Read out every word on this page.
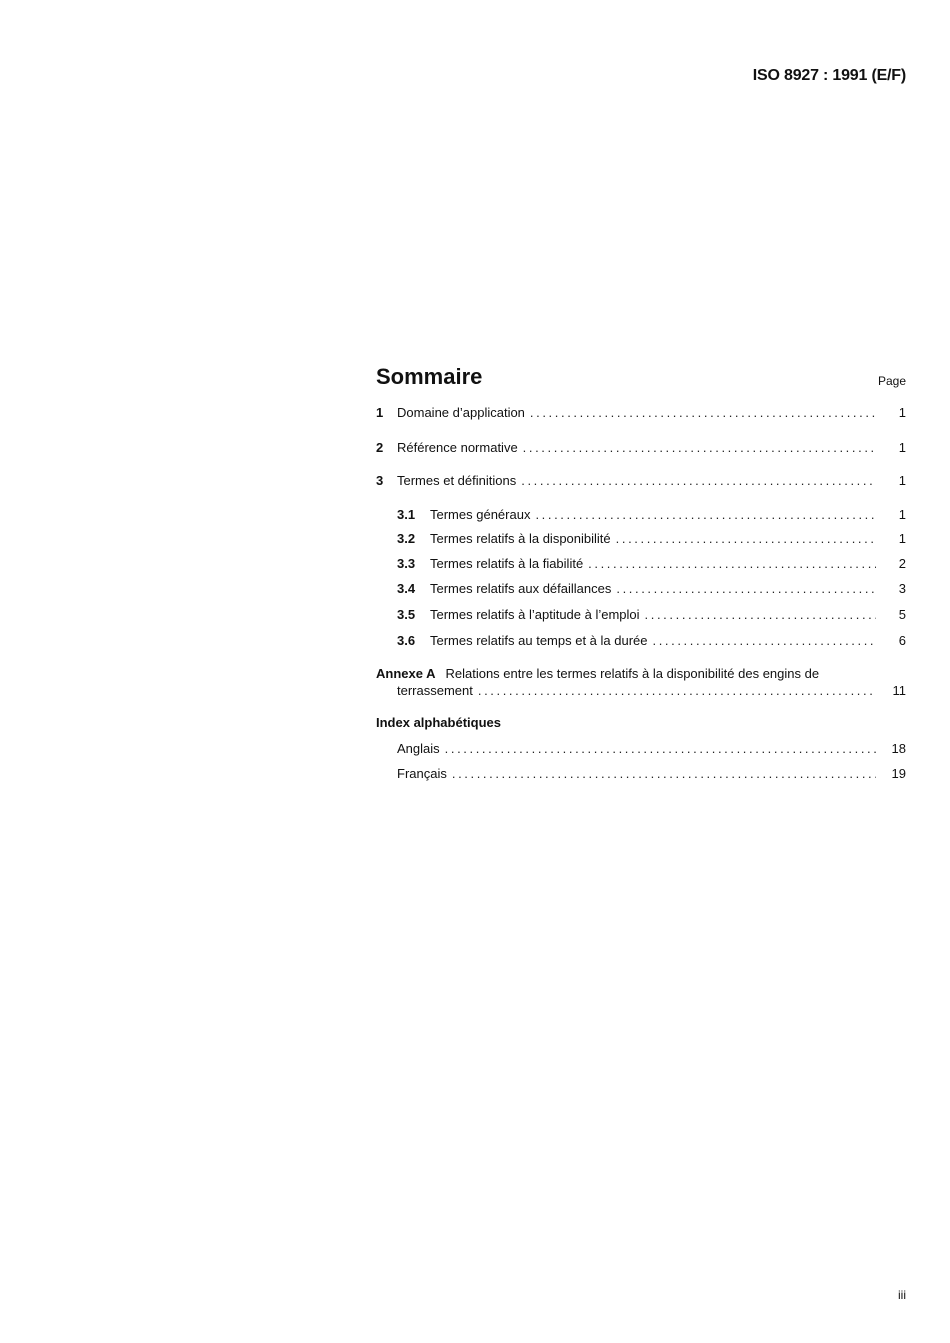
ISO 8927 : 1991 (E/F)
Sommaire	Page
1	Domaine d’application .....	1
2	Référence normative .....	1
3	Termes et définitions .....	1
3.1	Termes généraux .....	1
3.2	Termes relatifs à la disponibilité .....	1
3.3	Termes relatifs à la fiabilité .....	2
3.4	Termes relatifs aux défaillances .....	3
3.5	Termes relatifs à l’aptitude à l’emploi .....	5
3.6	Termes relatifs au temps et à la durée .....	6
Annexe A Relations entre les termes relatifs à la disponibilité des engins de
terrassement .....	11
Index alphabétiques
Anglais .....	18
Français .....	19
iii
